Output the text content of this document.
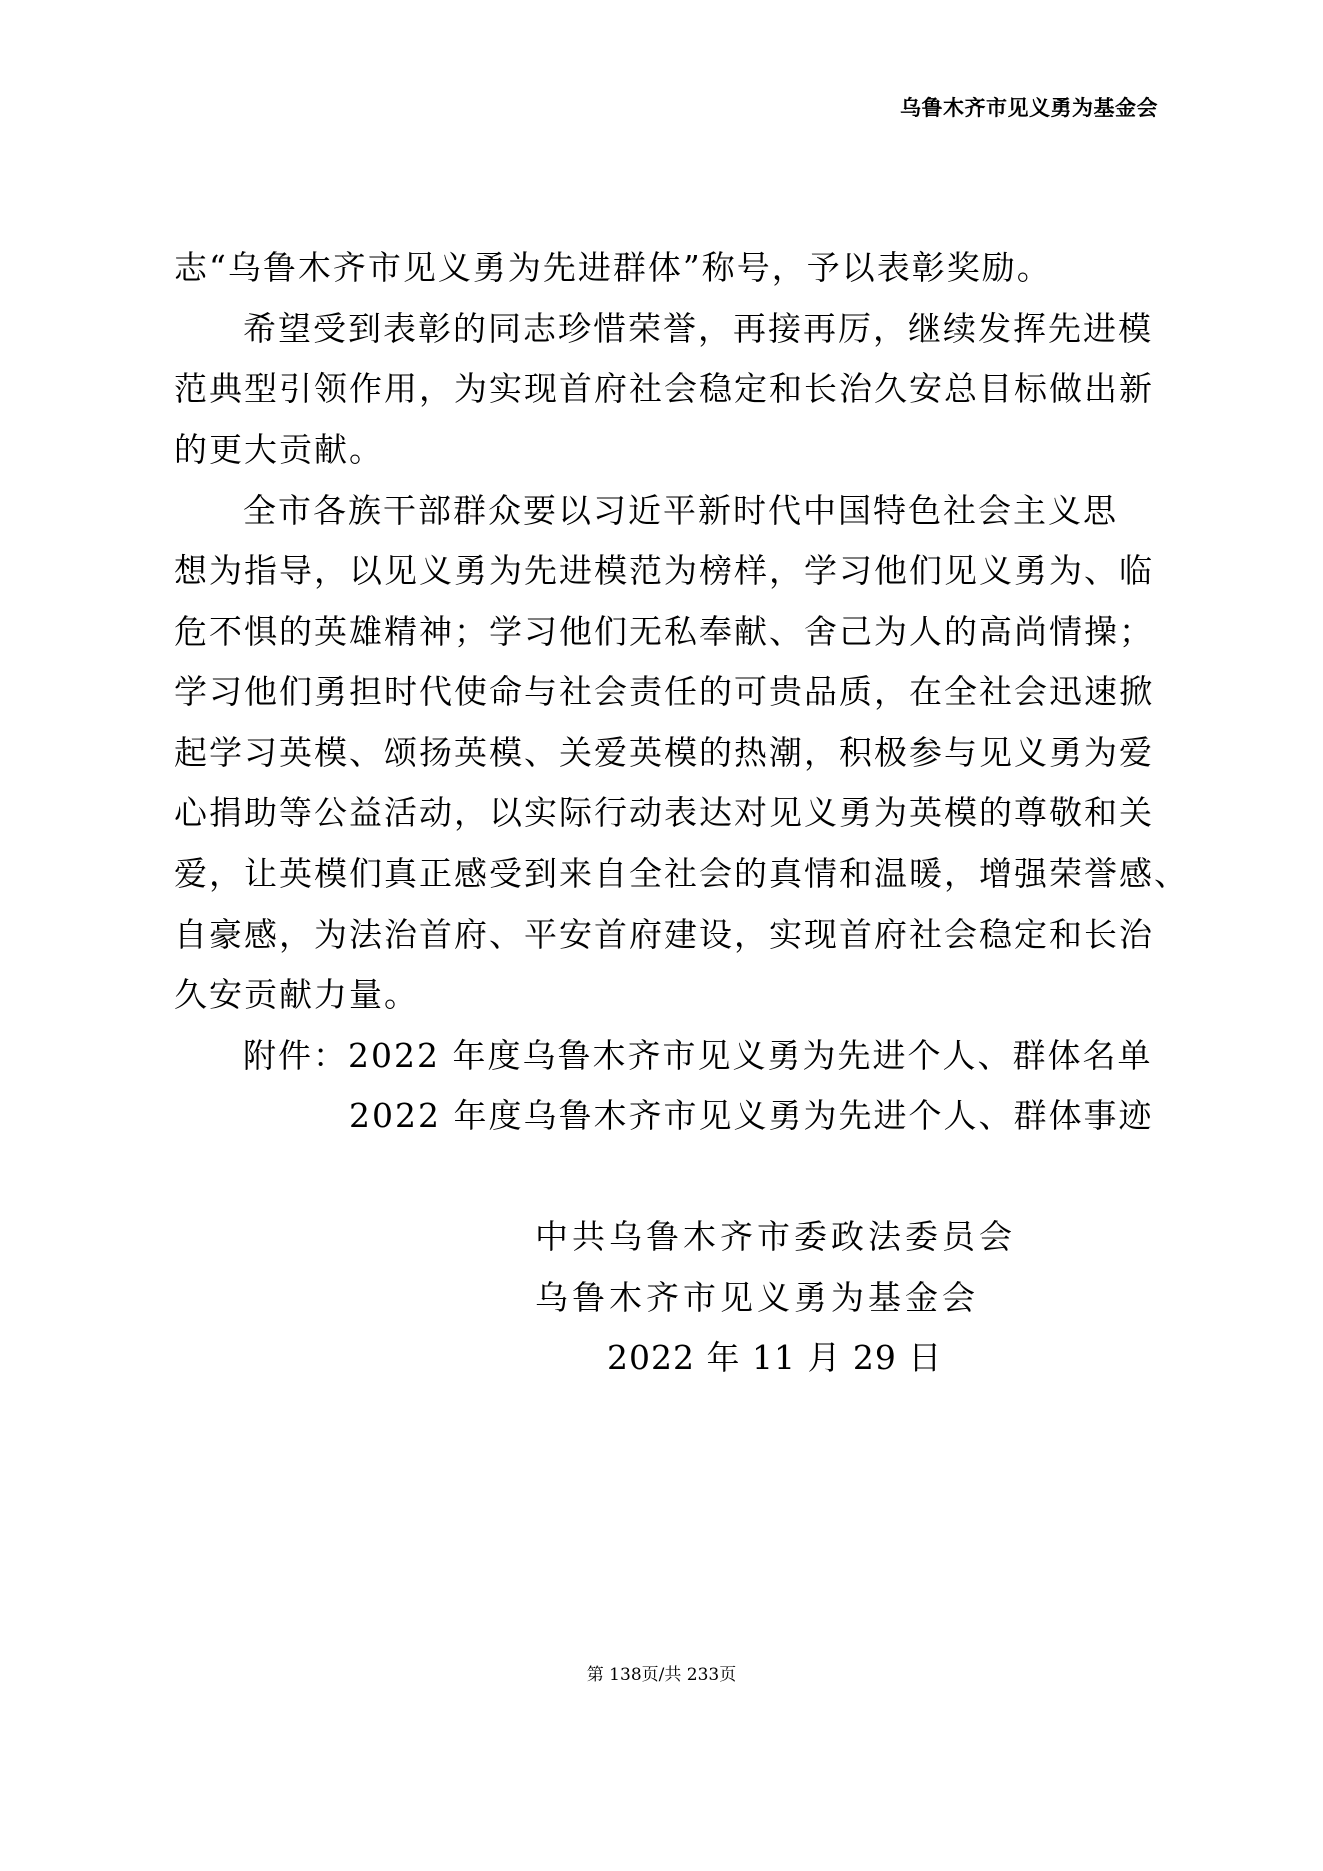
乌鲁木齐市见义勇为基金会
志“乌鲁木齐市见义勇为先进群体”称号，予以表彰奖励。
希望受到表彰的同志珍惜荣誉，再接再厉，继续发挥先进模
范典型引领作用，为实现首府社会稳定和长治久安总目标做出新
的更大贡献。
全市各族干部群众要以习近平新时代中国特色社会主义思
想为指导，以见义勇为先进模范为榜样，学习他们见义勇为、临
危不惧的英雄精神；学习他们无私奉献、舍己为人的高尚情操；
学习他们勇担时代使命与社会责任的可贵品质，在全社会迅速掀
起学习英模、颂扬英模、关爱英模的热潮，积极参与见义勇为爱
心捐助等公益活动，以实际行动表达对见义勇为英模的尊敬和关
爱，让英模们真正感受到来自全社会的真情和温暖，增强荣誉感、
自豪感，为法治首府、平安首府建设，实现首府社会稳定和长治
久安贡献力量。
附件：2022 年度乌鲁木齐市见义勇为先进个人、群体名单
2022 年度乌鲁木齐市见义勇为先进个人、群体事迹
中共乌鲁木齐市委政法委员会
乌鲁木齐市见义勇为基金会
2022 年 11 月 29 日
第 138页/共 233页
